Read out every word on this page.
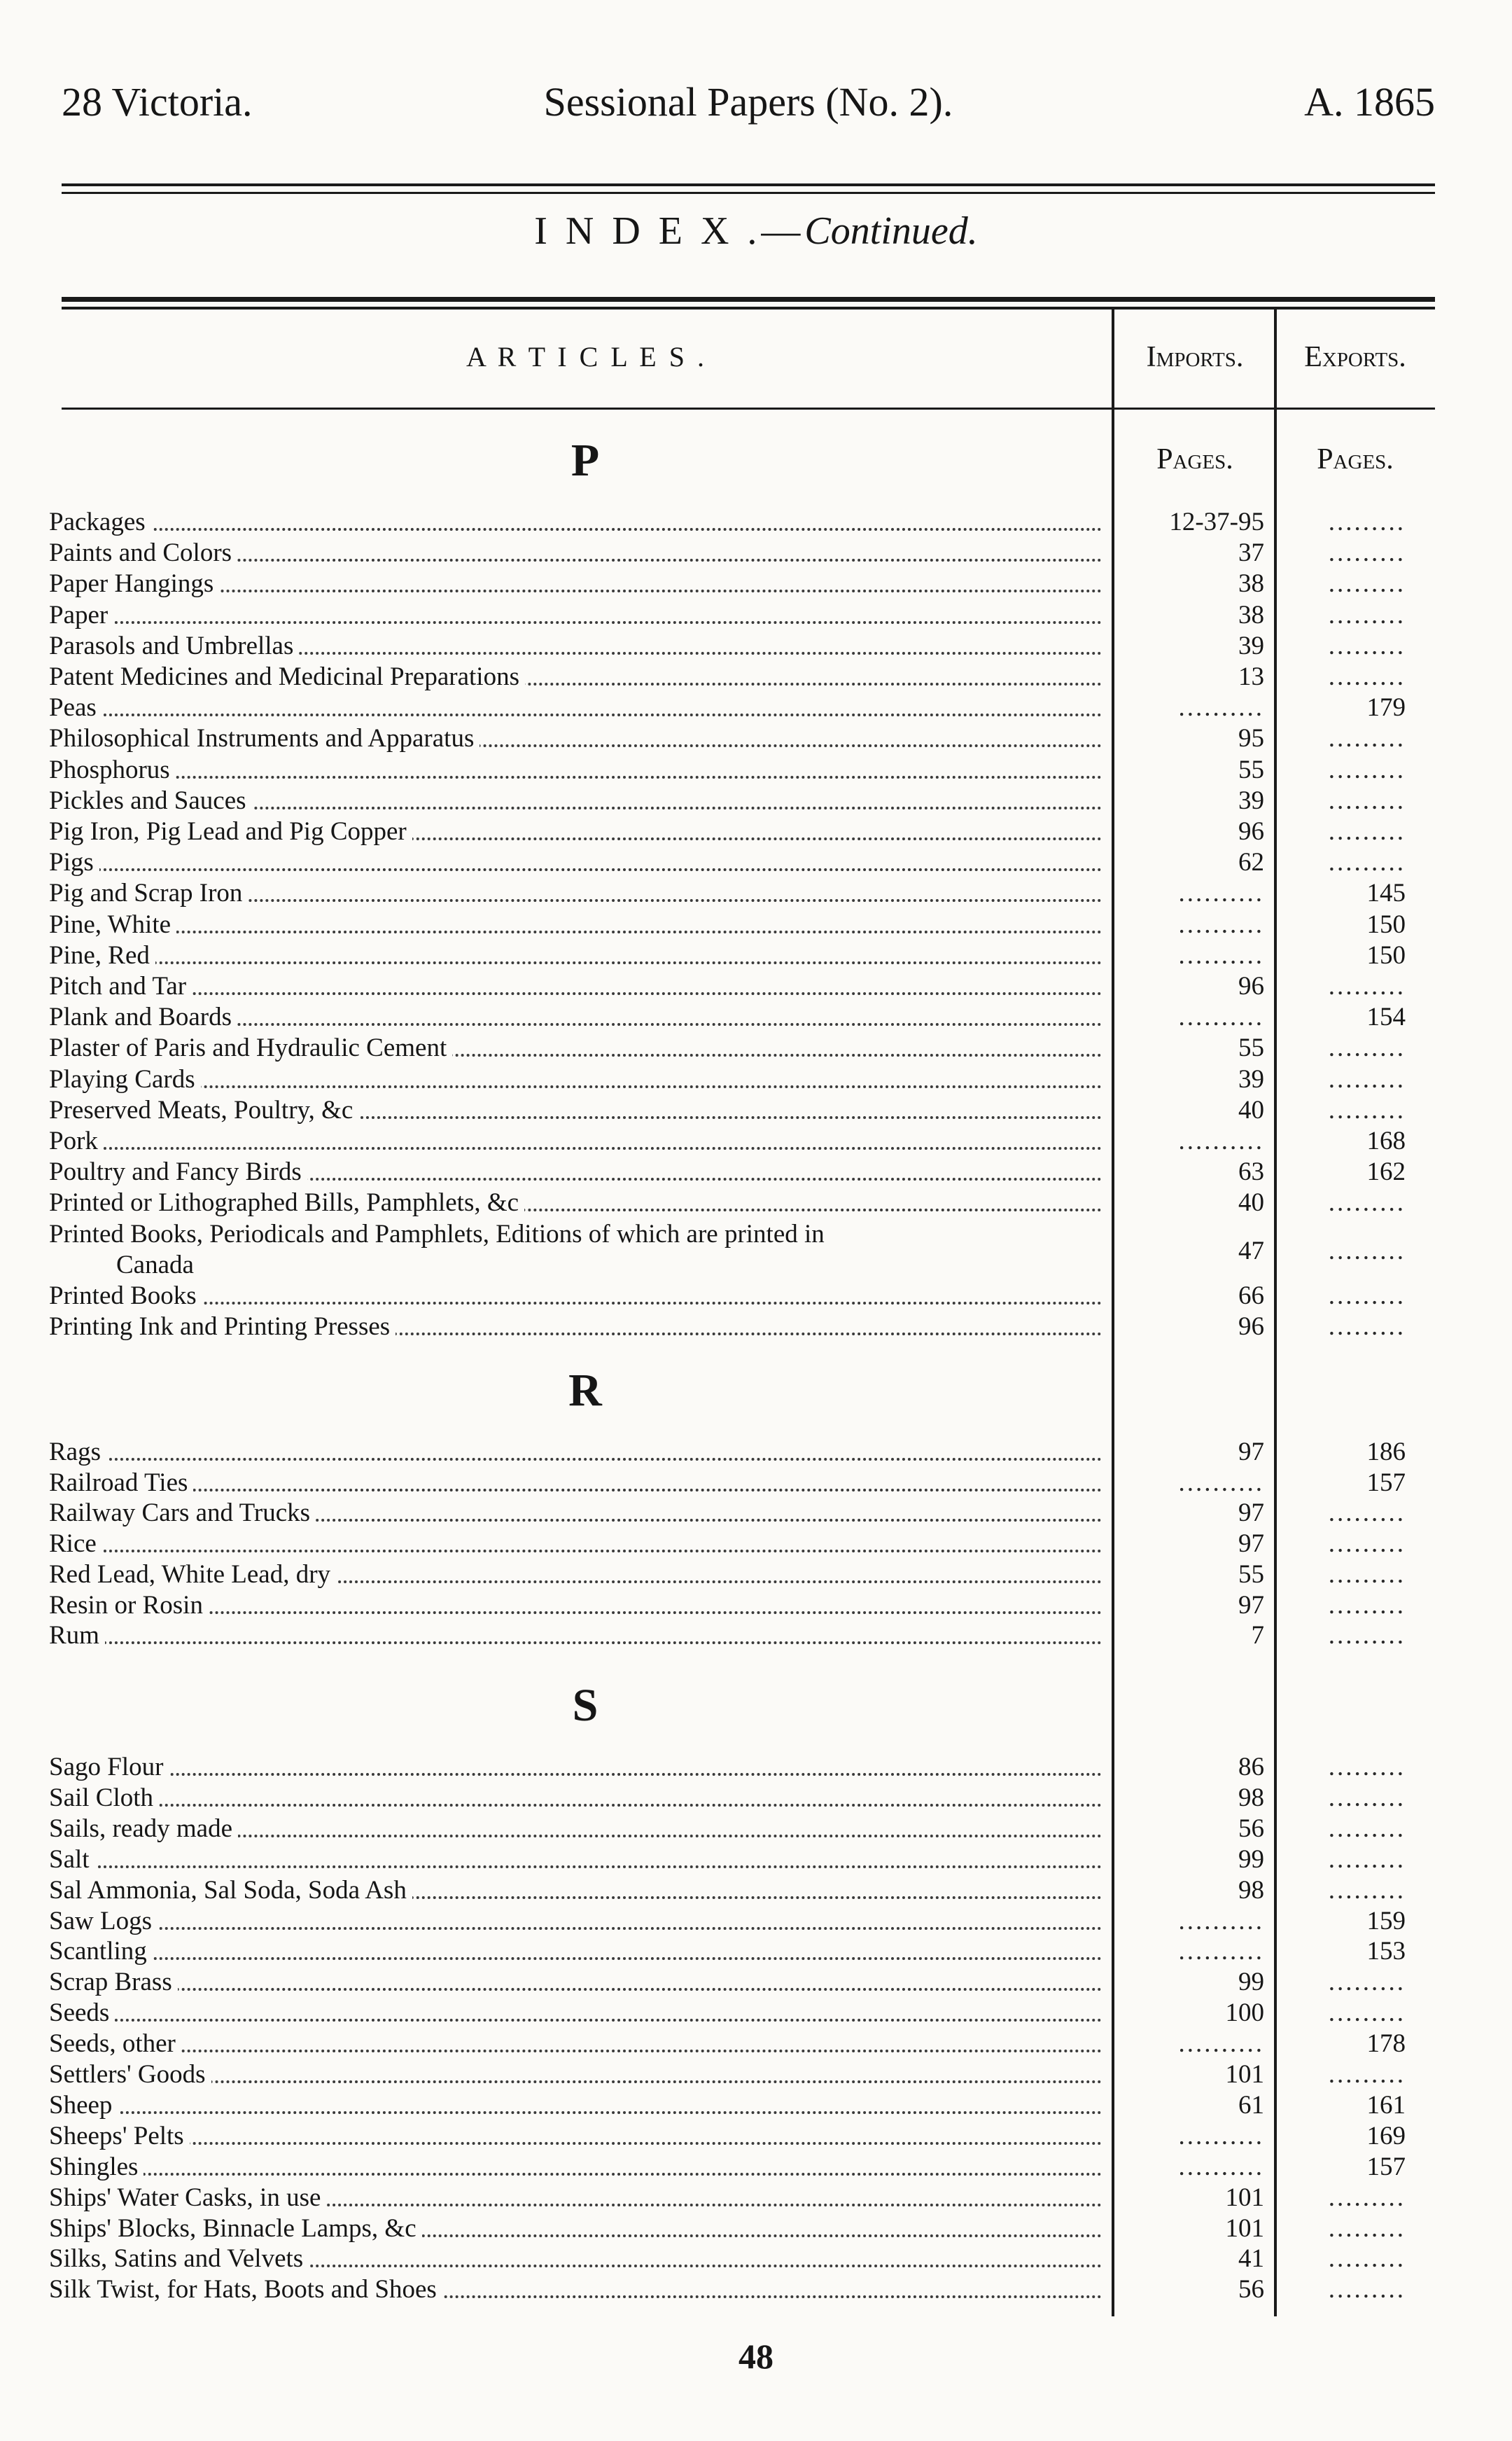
28 Victoria.	Sessional Papers (No. 2).	A. 1865
I N D E X .—Continued.
A R T I C L E S .	Imports.	Exports.
Pages.	Pages.
P
Packages	12-37-95	.........
Paints and Colors	37	.........
Paper Hangings	38	.........
Paper	38	.........
Parasols and Umbrellas	39	.........
Patent Medicines and Medicinal Preparations	13	.........
Peas	..........	179
Philosophical Instruments and Apparatus	95	.........
Phosphorus	55	.........
Pickles and Sauces	39	.........
Pig Iron, Pig Lead and Pig Copper	96	.........
Pigs	62	.........
Pig and Scrap Iron	..........	145
Pine, White	..........	150
Pine, Red	..........	150
Pitch and Tar	96	.........
Plank and Boards	..........	154
Plaster of Paris and Hydraulic Cement	55	.........
Playing Cards	39	.........
Preserved Meats, Poultry, &c	40	.........
Pork	..........	168
Poultry and Fancy Birds	63	162
Printed or Lithographed Bills, Pamphlets, &c	40	.........
Printed Books, Periodicals and Pamphlets, Editions of which are printed in
Canada	47	.........
Printed Books	66	.........
Printing Ink and Printing Presses	96	.........
R
Rags	97	186
Railroad Ties	..........	157
Railway Cars and Trucks	97	.........
Rice	97	.........
Red Lead, White Lead, dry	55	.........
Resin or Rosin	97	.........
Rum	7	.........
S
Sago Flour	86	.........
Sail Cloth	98	.........
Sails, ready made	56	.........
Salt	99	.........
Sal Ammonia, Sal Soda, Soda Ash	98	.........
Saw Logs	..........	159
Scantling	..........	153
Scrap Brass	99	.........
Seeds	100	.........
Seeds, other	..........	178
Settlers' Goods	101	.........
Sheep	61	161
Sheeps' Pelts	..........	169
Shingles	..........	157
Ships' Water Casks, in use	101	.........
Ships' Blocks, Binnacle Lamps, &c	101	.........
Silks, Satins and Velvets	41	.........
Silk Twist, for Hats, Boots and Shoes	56	.........
48
